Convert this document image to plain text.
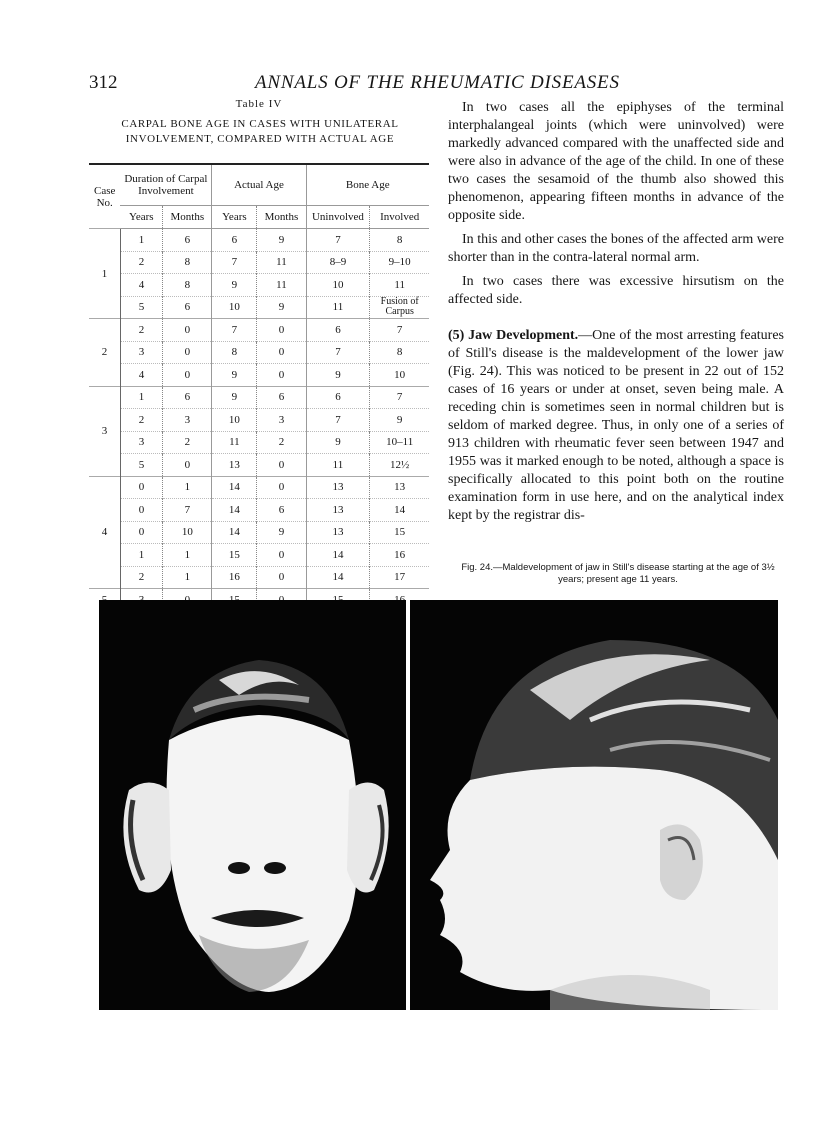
312	ANNALS OF THE RHEUMATIC DISEASES
Table IV
CARPAL BONE AGE IN CASES WITH UNILATERAL INVOLVEMENT, COMPARED WITH ACTUAL AGE
Case No.	Duration of Carpal Involvement		Actual Age		Bone Age	
	Years	Months	Years	Months	Uninvolved	Involved
1	1	6	6	9	7	8
	2	8	7	11	8–9	9–10
	4	8	9	11	10	11
	5	6	10	9	11	Fusion of Carpus
2	2	0	7	0	6	7
	3	0	8	0	7	8
	4	0	9	0	9	10
3	1	6	9	6	6	7
	2	3	10	3	7	9
	3	2	11	2	9	10–11
	5	0	13	0	11	12½
4	0	1	14	0	13	13
	0	7	14	6	13	14
	0	10	14	9	13	15
	1	1	15	0	14	16
	2	1	16	0	14	17

In two cases all the epiphyses of the terminal interphalangeal joints (which were uninvolved) were markedly advanced compared with the unaffected side and were also in advance of the age of the child. In one of these two cases the sesamoid of the thumb also showed this phenomenon, appearing fifteen months in advance of the opposite side.

In this and other cases the bones of the affected arm were shorter than in the contra-lateral normal arm.

In two cases there was excessive hirsutism on the affected side.

(5) Jaw Development.—One of the most arresting features of Still's disease is the maldevelopment of the lower jaw (Fig. 24). This was noticed to be present in 22 out of 152 cases of 16 years or under at onset, seven being male. A receding chin is sometimes seen in normal children but is seldom of marked degree. Thus, in only one of a series of 913 children with rheumatic fever seen between 1947 and 1955 was it marked enough to be noted, although a space is specifically allocated to this point both on the routine examination form in use here, and on the analytical index kept by the registrar dis-

Fig. 24.—Maldevelopment of jaw in Still's disease starting at the age of 3½ years; present age 11 years.
